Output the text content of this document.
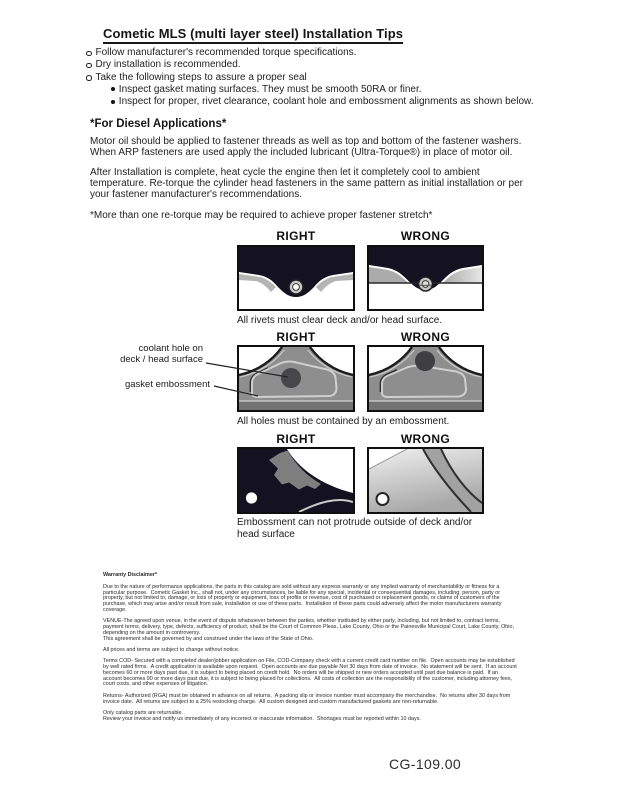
Cometic MLS (multi layer steel) Installation Tips
Follow manufacturer's recommended torque specifications.
Dry installation is recommended.
Take the following steps to assure a proper seal
Inspect gasket mating surfaces. They must be smooth 50RA or finer.
Inspect for proper, rivet clearance, coolant hole and embossment alignments as shown below.
*For Diesel Applications*
Motor oil should be applied to fastener threads as well as top and bottom of the fastener washers. When ARP fasteners are used apply the included lubricant (Ultra-Torque®) in place of motor oil.
After Installation is complete, heat cycle the engine then let it completely cool to ambient temperature. Re-torque the cylinder head fasteners in the same pattern as initial installation or per your fastener manufacturer's recommendations.
*More than one re-torque may be required to achieve proper fastener stretch*
RIGHT	WRONG
All rivets must clear deck and/or head surface.
RIGHT	WRONG
coolant hole on
deck / head surface
gasket embossment
All holes must be contained by an embossment.
RIGHT	WRONG
Embossment can not protrude outside of deck and/or head surface

Warranty Disclaimer*

Due to the nature of performance applications, the parts in this catalog are sold without any express warranty or any implied warranty of merchantability or fitness for a particular purpose.  Cometic Gasket Inc., shall not, under any circumstances, be liable for any special, incidental or consequential damages, including, person, party or property, but not limited to, damage, or loss of property or equipment, loss of profits or revenue, cost of purchased or replacement goods, or claims of customers of the purchase, which may arise and/or result from sale, installation or use of these parts.  Installation of these parts could adversely affect the motor manufacturers warranty coverage.

VENUE-The agreed upon venue, in the event of dispute whatsoever between the parties, whether instituted by either party, including, but not limited to, contract terms, payment terms, delivery, type, defects, sufficiency of product, shall be the Court of Common Pleas, Lake County, Ohio or the Painesville Municipal Court, Lake County, Ohio, depending on the amount in controversy.

This agreement shall be governed by and construed under the laws of the State of Ohio.

All prices and terms are subject to change without notice.

Terms COD- Secured with a completed dealer/jobber application on File, COD-Company check with a current credit card number on file.  Open accounts may be established by well rated firms.  A credit application is available upon request.  Open accounts are due payable Net 30 days from date of invoice.  No statement will be sent.  If an account becomes 60 or more days past due, it is subject to being placed on credit hold.  No orders will be shipped or new orders accepted until past due balance is paid.  If an account becomes 90 or more days past due, it is subject to being placed for collections.  All costs of collection are the responsibility of the customer, including attorney fees, court costs, and other expenses of litigation.

Returns- Authorized (RGA) must be obtained in advance on all returns.  A packing slip or invoice number must accompany the merchandise.  No returns after 30 days from invoice date.  All returns are subject to a 25% restocking charge.  All custom designed and custom manufactured gaskets are non-returnable.

Only catalog parts are returnable.

Review your invoice and notify us immediately of any incorrect or inaccurate information.  Shortages must be reported within 10 days.

CG-109.00
